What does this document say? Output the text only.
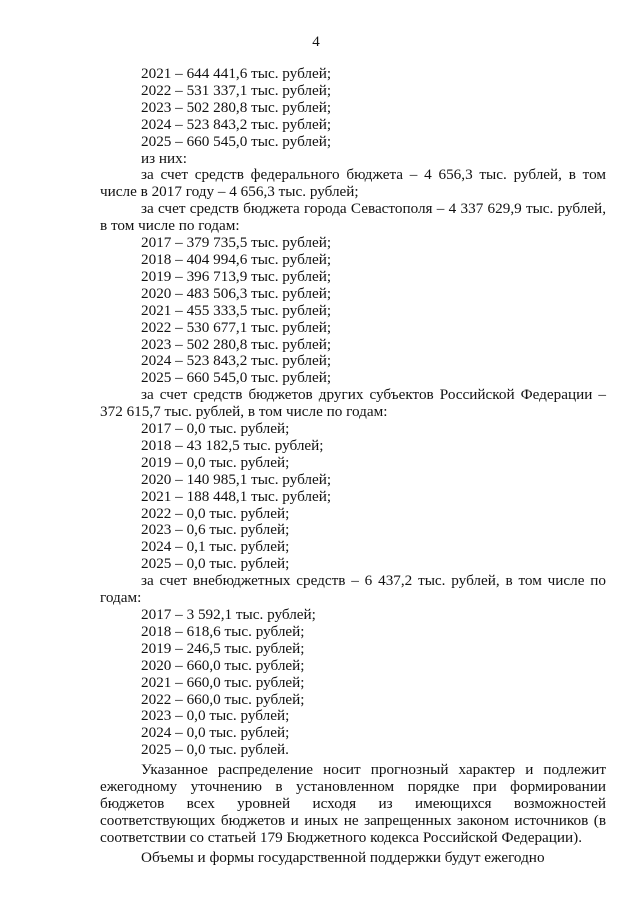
4
2021 – 644 441,6 тыс. рублей;
2022 – 531 337,1 тыс. рублей;
2023 – 502 280,8 тыс. рублей;
2024 – 523 843,2 тыс. рублей;
2025 – 660 545,0 тыс. рублей;
из них:

за счет средств федерального бюджета – 4 656,3 тыс. рублей, в том числе в 2017 году – 4 656,3 тыс. рублей;

за счет средств бюджета города Севастополя – 4 337 629,9 тыс. рублей, в том числе по годам:

2017 – 379 735,5 тыс. рублей;
2018 – 404 994,6 тыс. рублей;
2019 – 396 713,9 тыс. рублей;
2020 – 483 506,3 тыс. рублей;
2021 – 455 333,5 тыс. рублей;
2022 – 530 677,1 тыс. рублей;
2023 – 502 280,8 тыс. рублей;
2024 – 523 843,2 тыс. рублей;
2025 – 660 545,0 тыс. рублей;

за счет средств бюджетов других субъектов Российской Федерации – 372 615,7 тыс. рублей, в том числе по годам:

2017 – 0,0 тыс. рублей;
2018 – 43 182,5 тыс. рублей;
2019 – 0,0 тыс. рублей;
2020 – 140 985,1 тыс. рублей;
2021 – 188 448,1 тыс. рублей;
2022 – 0,0 тыс. рублей;
2023 – 0,6 тыс. рублей;
2024 – 0,1 тыс. рублей;
2025 – 0,0 тыс. рублей;

за счет внебюджетных средств – 6 437,2 тыс. рублей, в том числе по годам:

2017 – 3 592,1 тыс. рублей;
2018 – 618,6 тыс. рублей;
2019 – 246,5 тыс. рублей;
2020 – 660,0 тыс. рублей;
2021 – 660,0 тыс. рублей;
2022 – 660,0 тыс. рублей;
2023 – 0,0 тыс. рублей;
2024 – 0,0 тыс. рублей;
2025 – 0,0 тыс. рублей.

Указанное распределение носит прогнозный характер и подлежит ежегодному уточнению в установленном порядке при формировании бюджетов всех уровней исходя из имеющихся возможностей соответствующих бюджетов и иных не запрещенных законом источников (в соответствии со статьей 179 Бюджетного кодекса Российской Федерации).

Объемы и формы государственной поддержки будут ежегодно
